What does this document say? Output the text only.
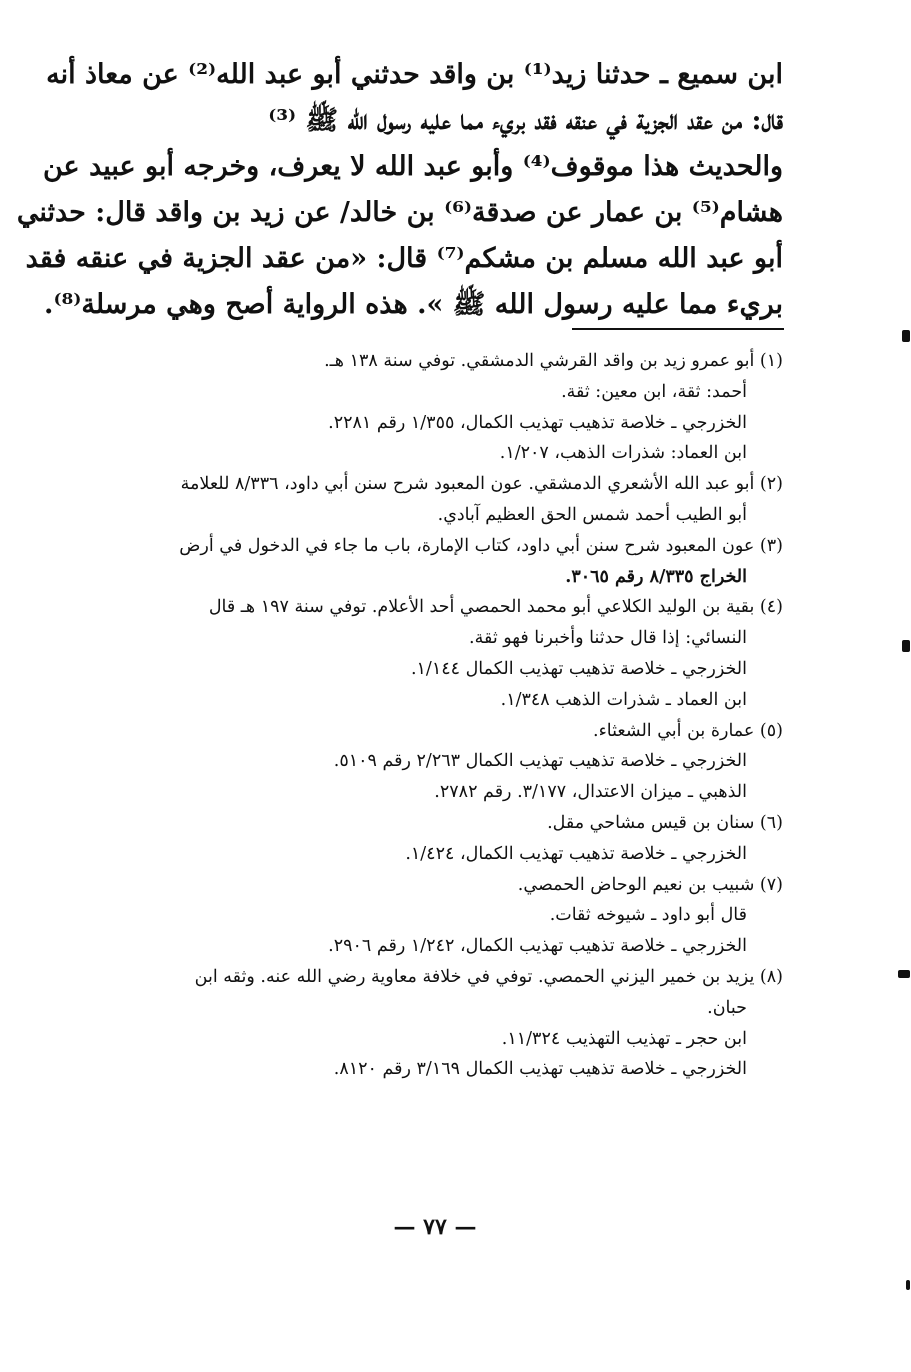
ابن سميع ـ حدثنا زيد⁽¹⁾ بن واقد حدثني أبو عبد الله⁽²⁾ عن معاذ أنه
قال: من عقد الجزية في عنقه فقد بريء مما عليه رسول الله ﷺ ⁽³⁾
والحديث هذا موقوف⁽⁴⁾ وأبو عبد الله لا يعرف، وخرجه أبو عبيد عن
هشام⁽⁵⁾ بن عمار عن صدقة⁽⁶⁾ بن خالد/ عن زيد بن واقد قال: حدثني
أبو عبد الله مسلم بن مشكم⁽⁷⁾ قال: «من عقد الجزية في عنقه فقد
بريء مما عليه رسول الله ﷺ ». هذه الرواية أصح وهي مرسلة⁽⁸⁾.
(١) أبو عمرو زيد بن واقد القرشي الدمشقي. توفي سنة ١٣٨ هـ.
أحمد: ثقة، ابن معين: ثقة.
الخزرجي ـ خلاصة تذهيب تهذيب الكمال، ١/٣٥٥ رقم ٢٢٨١.
ابن العماد: شذرات الذهب، ١/٢٠٧.
(٢) أبو عبد الله الأشعري الدمشقي. عون المعبود شرح سنن أبي داود، ٨/٣٣٦ للعلامة
أبو الطيب أحمد شمس الحق العظيم آبادي.
(٣) عون المعبود شرح سنن أبي داود، كتاب الإمارة، باب ما جاء في الدخول في أرض
الخراج ٨/٣٣٥ رقم ٣٠٦٥.
(٤) بقية بن الوليد الكلاعي أبو محمد الحمصي أحد الأعلام. توفي سنة ١٩٧ هـ قال
النسائي: إذا قال حدثنا وأخبرنا فهو ثقة.
الخزرجي ـ خلاصة تذهيب تهذيب الكمال ١/١٤٤.
ابن العماد ـ شذرات الذهب ١/٣٤٨.
(٥) عمارة بن أبي الشعثاء.
الخزرجي ـ خلاصة تذهيب تهذيب الكمال ٢/٢٦٣ رقم ٥١٠٩.
الذهبي ـ ميزان الاعتدال، ٣/١٧٧. رقم ٢٧٨٢.
(٦) سنان بن قيس مشاحي مقل.
الخزرجي ـ خلاصة تذهيب تهذيب الكمال، ١/٤٢٤.
(٧) شبيب بن نعيم الوحاض الحمصي.
قال أبو داود ـ شيوخه ثقات.
الخزرجي ـ خلاصة تذهيب تهذيب الكمال، ١/٢٤٢ رقم ٢٩٠٦.
(٨) يزيد بن خمير اليزني الحمصي. توفي في خلافة معاوية رضي الله عنه. وثقه ابن
حبان.
ابن حجر ـ تهذيب التهذيب ١١/٣٢٤.
الخزرجي ـ خلاصة تذهيب تهذيب الكمال ٣/١٦٩ رقم ٨١٢٠.
— ٧٧ —
